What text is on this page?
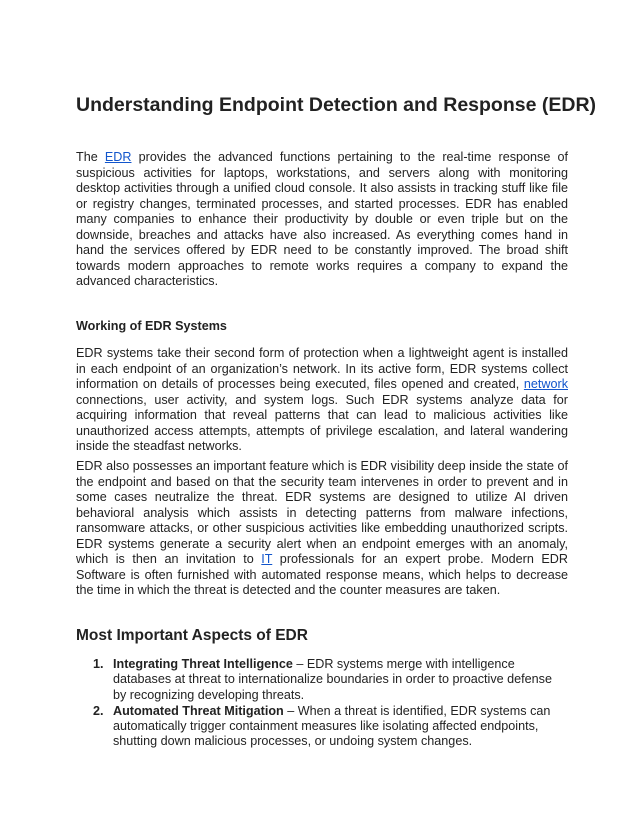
Understanding Endpoint Detection and Response (EDR)

The EDR provides the advanced functions pertaining to the real-time response of suspicious activities for laptops, workstations, and servers along with monitoring desktop activities through a unified cloud console. It also assists in tracking stuff like file or registry changes, terminated processes, and started processes. EDR has enabled many companies to enhance their productivity by double or even triple but on the downside, breaches and attacks have also increased. As everything comes hand in hand the services offered by EDR need to be constantly improved. The broad shift towards modern approaches to remote works requires a company to expand the advanced characteristics.

Working of EDR Systems

EDR systems take their second form of protection when a lightweight agent is installed in each endpoint of an organization’s network. In its active form, EDR systems collect information on details of processes being executed, files opened and created, network connections, user activity, and system logs. Such EDR systems analyze data for acquiring information that reveal patterns that can lead to malicious activities like unauthorized access attempts, attempts of privilege escalation, and lateral wandering inside the steadfast networks.

EDR also possesses an important feature which is EDR visibility deep inside the state of the endpoint and based on that the security team intervenes in order to prevent and in some cases neutralize the threat. EDR systems are designed to utilize AI driven behavioral analysis which assists in detecting patterns from malware infections, ransomware attacks, or other suspicious activities like embedding unauthorized scripts. EDR systems generate a security alert when an endpoint emerges with an anomaly, which is then an invitation to IT professionals for an expert probe. Modern EDR Software is often furnished with automated response means, which helps to decrease the time in which the threat is detected and the counter measures are taken.

Most Important Aspects of EDR
1. Integrating Threat Intelligence – EDR systems merge with intelligence databases at threat to internationalize boundaries in order to proactive defense by recognizing developing threats.
2. Automated Threat Mitigation – When a threat is identified, EDR systems can automatically trigger containment measures like isolating affected endpoints, shutting down malicious processes, or undoing system changes.
